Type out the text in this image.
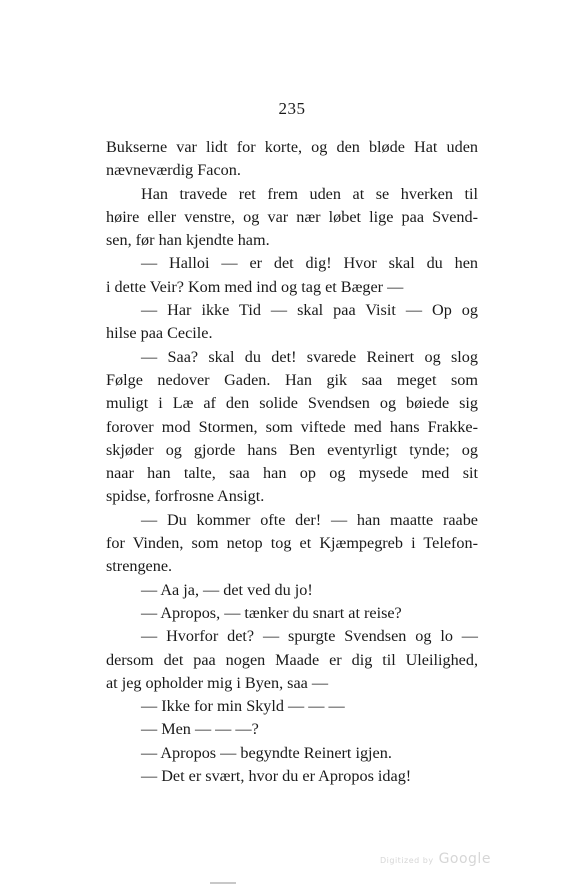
235
Bukserne var lidt for korte, og den bløde Hat uden
nævneværdig Facon.
Han travede ret frem uden at se hverken til
høire eller venstre, og var nær løbet lige paa Svend-
sen, før han kjendte ham.
— Halloi — er det dig! Hvor skal du hen
i dette Veir? Kom med ind og tag et Bæger —
— Har ikke Tid — skal paa Visit — Op og
hilse paa Cecile.
— Saa? skal du det! svarede Reinert og slog
Følge nedover Gaden. Han gik saa meget som
muligt i Læ af den solide Svendsen og bøiede sig
forover mod Stormen, som viftede med hans Frakke-
skjøder og gjorde hans Ben eventyrligt tynde; og
naar han talte, saa han op og mysede med sit
spidse, forfrosne Ansigt.
— Du kommer ofte der! — han maatte raabe
for Vinden, som netop tog et Kjæmpegreb i Telefon-
strengene.
— Aa ja, — det ved du jo!
— Apropos, — tænker du snart at reise?
— Hvorfor det? — spurgte Svendsen og lo —
dersom det paa nogen Maade er dig til Uleilighed,
at jeg opholder mig i Byen, saa —
— Ikke for min Skyld — — —
— Men — — —?
— Apropos — begyndte Reinert igjen.
— Det er svært, hvor du er Apropos idag!
Digitized by Google
